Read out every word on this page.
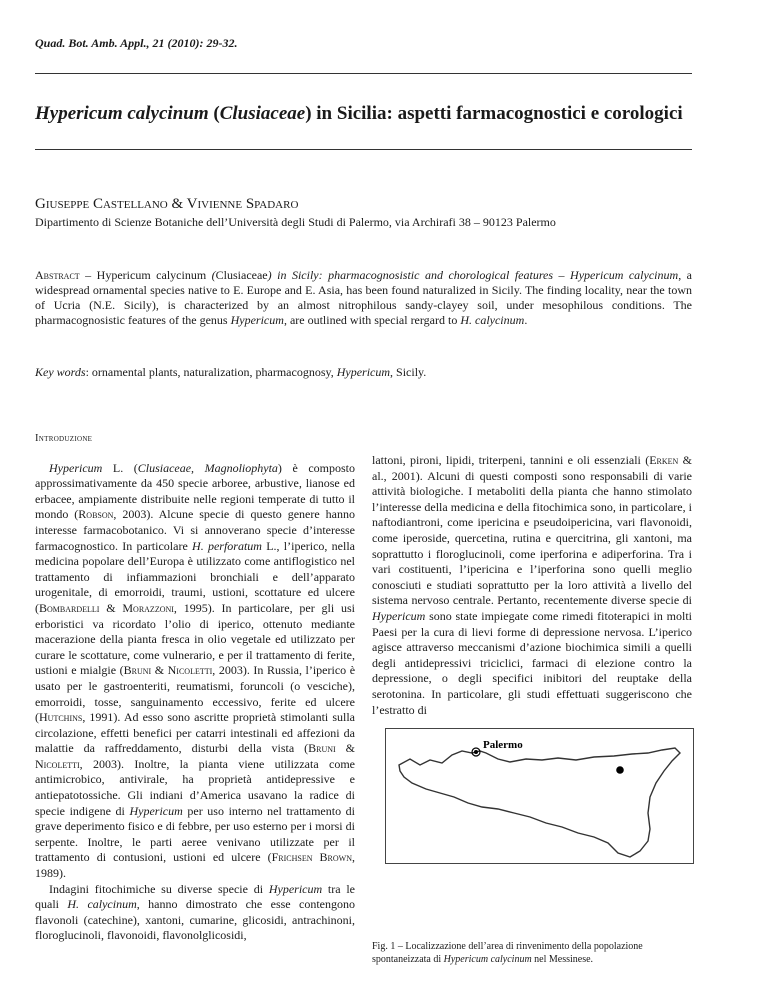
Quad. Bot. Amb. Appl., 21 (2010): 29-32.
Hypericum calycinum (Clusiaceae) in Sicilia: aspetti farmacognostici e corologici
Giuseppe Castellano & Vivienne Spadaro
Dipartimento di Scienze Botaniche dell’Università degli Studi di Palermo, via Archirafi 38 – 90123 Palermo
Abstract – Hypericum calycinum (Clusiaceae) in Sicily: pharmacognosistic and chorological features – Hypericum calycinum, a widespread ornamental species native to E. Europe and E. Asia, has been found naturalized in Sicily. The finding locality, near the town of Ucria (N.E. Sicily), is characterized by an almost nitrophilous sandy-clayey soil, under mesophilous conditions. The pharmacognosistic features of the genus Hypericum, are outlined with special rergard to H. calycinum.
Key words: ornamental plants, naturalization, pharmacognosy, Hypericum, Sicily.
Introduzione

Hypericum L. (Clusiaceae, Magnoliophyta) è composto approssimativamente da 450 specie arboree, arbustive, lianose ed erbacee, ampiamente distribuite nelle regioni temperate di tutto il mondo (Robson, 2003). Alcune specie di questo genere hanno interesse farmacobotanico. Vi si annoverano specie d’interesse farmacognostico. In particolare H. perforatum L., l’iperico, nella medicina popolare dell’Europa è utilizzato come antiflogistico nel trattamento di infiammazioni bronchiali e dell’apparato urogenitale, di emorroidi, traumi, ustioni, scottature ed ulcere (Bombardelli & Morazzoni, 1995). In particolare, per gli usi erboristici va ricordato l’olio di iperico, ottenuto mediante macerazione della pianta fresca in olio vegetale ed utilizzato per curare le scottature, come vulnerario, e per il trattamento di ferite, ustioni e mialgie (Bruni & Nicoletti, 2003). In Russia, l’iperico è usato per le gastroenteriti, reumatismi, foruncoli (o vesciche), emorroidi, tosse, sanguinamento eccessivo, ferite ed ulcere (Hutchins, 1991). Ad esso sono ascritte proprietà stimolanti sulla circolazione, effetti benefici per catarri intestinali ed affezioni da malattie da raffreddamento, disturbi della vista (Bruni & Nicoletti, 2003). Inoltre, la pianta viene utilizzata come antimicrobico, antivirale, ha proprietà antidepressive e antiepatotossiche. Gli indiani d’America usavano la radice di specie indigene di Hypericum per uso interno nel trattamento di grave deperimento fisico e di febbre, per uso esterno per i morsi di serpente. Inoltre, le parti aeree venivano utilizzate per il trattamento di contusioni, ustioni ed ulcere (Frichsen Brown, 1989).

Indagini fitochimiche su diverse specie di Hypericum tra le quali H. calycinum, hanno dimostrato che esse contengono flavonoli (catechine), xantoni, cumarine, glicosidi, antrachinoni, floroglucinoli, flavonoidi, flavonolglicosidi,

lattoni, pironi, lipidi, triterpeni, tannini e oli essenziali (Erken & al., 2001). Alcuni di questi composti sono responsabili di varie attività biologiche. I metaboliti della pianta che hanno stimolato l’interesse della medicina e della fitochimica sono, in particolare, i naftodiantroni, come ipericina e pseudoipericina, vari flavonoidi, come iperoside, quercetina, rutina e quercitrina, gli xantoni, ma soprattutto i floroglucinoli, come iperforina e adiperforina. Tra i vari costituenti, l’ipericina e l’iperforina sono quelli meglio conosciuti e studiati soprattutto per la loro attività a livello del sistema nervoso centrale. Pertanto, recentemente diverse specie di Hypericum sono state impiegate come rimedi fitoterapici in molti Paesi per la cura di lievi forme di depressione nervosa. L’iperico agisce attraverso meccanismi d’azione biochimica simili a quelli degli antidepressivi triciclici, farmaci di elezione contro la depressione, o degli specifici inibitori del reuptake della serotonina. In particolare, gli studi effettuati suggeriscono che l’estratto di

Palermo
Fig. 1 – Localizzazione dell’area di rinvenimento della popolazione spontaneizzata di Hypericum calycinum nel Messinese.
